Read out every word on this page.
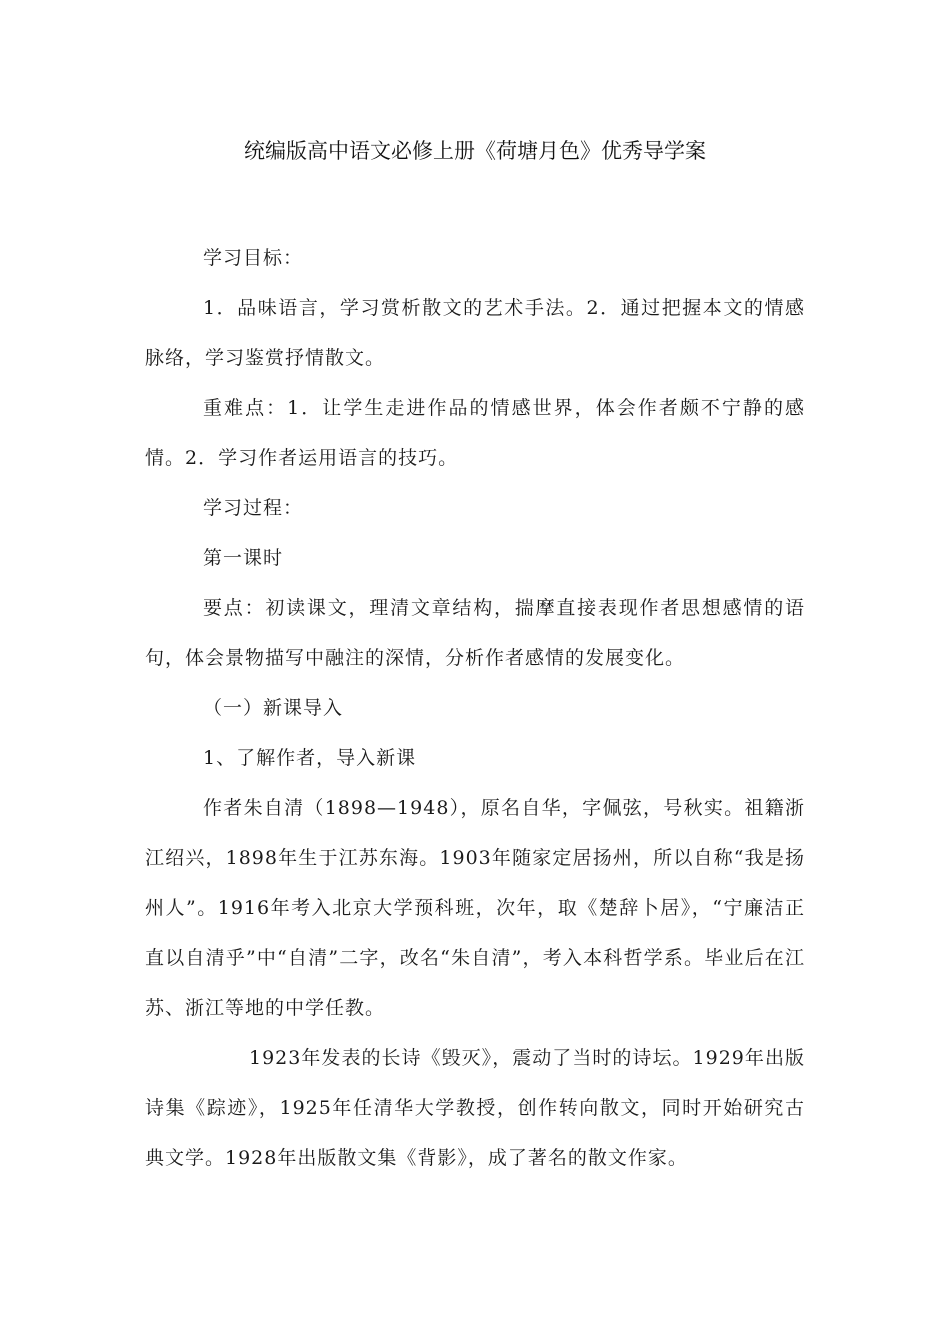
统编版高中语文必修上册《荷塘月色》优秀导学案

学习目标：

1．品味语言，学习赏析散文的艺术手法。2．通过把握本文的情感脉络，学习鉴赏抒情散文。

重难点：1．让学生走进作品的情感世界，体会作者颇不宁静的感情。2．学习作者运用语言的技巧。

学习过程：

第一课时

要点：初读课文，理清文章结构，揣摩直接表现作者思想感情的语句，体会景物描写中融注的深情，分析作者感情的发展变化。

（一）新课导入

1、了解作者，导入新课

作者朱自清（1898—1948），原名自华，字佩弦，号秋实。祖籍浙江绍兴，1898年生于江苏东海。1903年随家定居扬州，所以自称“我是扬州人”。1916年考入北京大学预科班，次年，取《楚辞卜居》，“宁廉洁正直以自清乎”中“自清”二字，改名“朱自清”，考入本科哲学系。毕业后在江苏、浙江等地的中学任教。

1923年发表的长诗《毁灭》，震动了当时的诗坛。1929年出版诗集《踪迹》，1925年任清华大学教授，创作转向散文，同时开始研究古典文学。1928年出版散文集《背影》，成了著名的散文作家。
